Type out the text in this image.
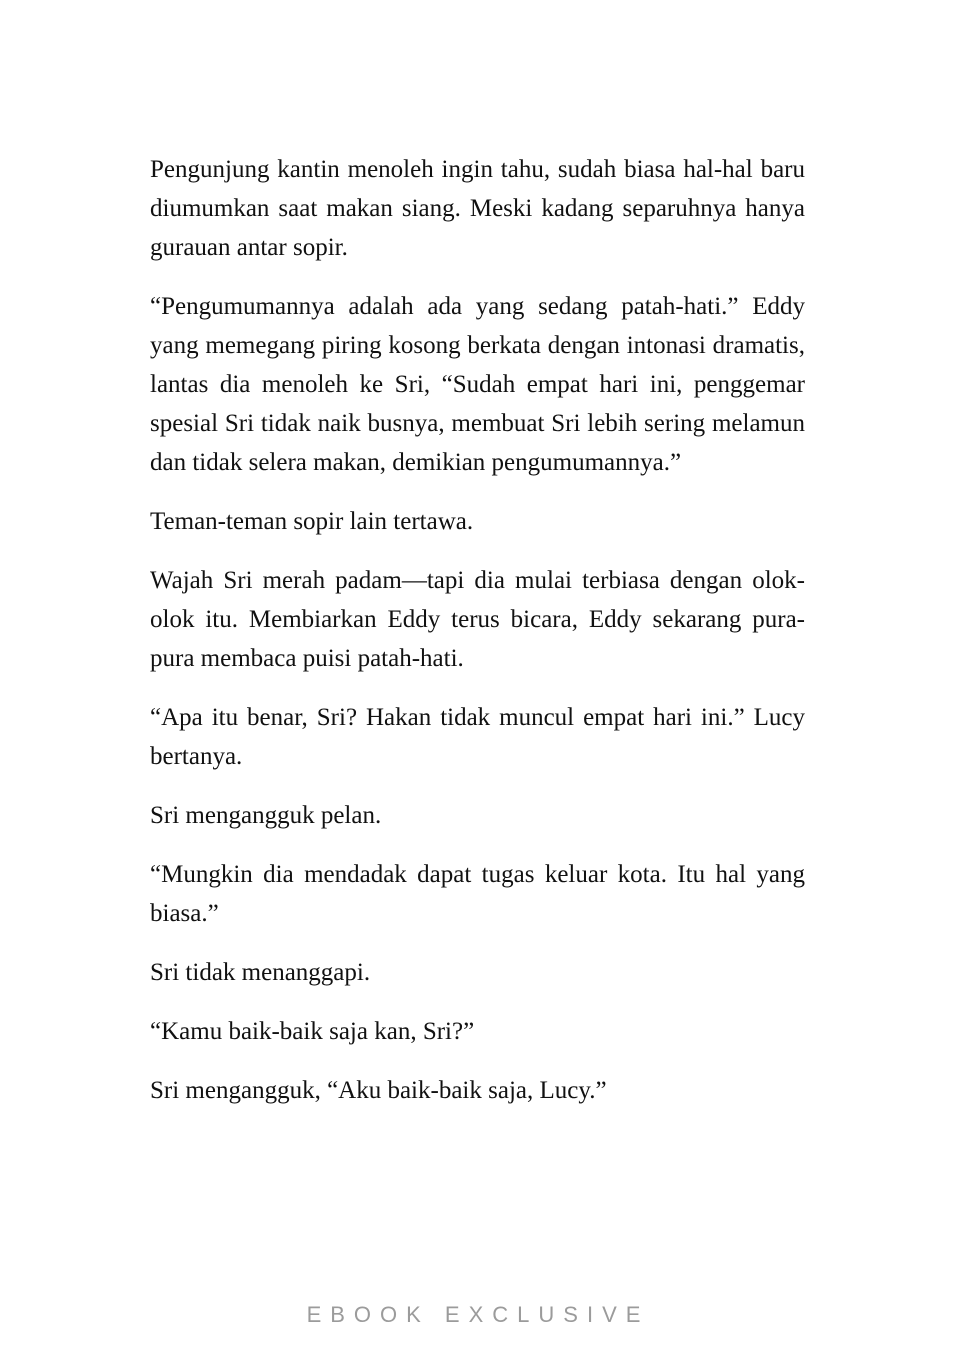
Pengunjung kantin menoleh ingin tahu, sudah biasa hal-hal baru diumumkan saat makan siang. Meski kadang separuhnya hanya gurauan antar sopir.

“Pengumumannya adalah ada yang sedang patah-hati.” Eddy yang memegang piring kosong berkata dengan intonasi dramatis, lantas dia menoleh ke Sri, “Sudah empat hari ini, penggemar spesial Sri tidak naik busnya, membuat Sri lebih sering melamun dan tidak selera makan, demikian pengumumannya.”

Teman-teman sopir lain tertawa.

Wajah Sri merah padam—tapi dia mulai terbiasa dengan olok-olok itu. Membiarkan Eddy terus bicara, Eddy sekarang pura-pura membaca puisi patah-hati.

“Apa itu benar, Sri? Hakan tidak muncul empat hari ini.” Lucy bertanya.

Sri mengangguk pelan.

“Mungkin dia mendadak dapat tugas keluar kota. Itu hal yang biasa.”

Sri tidak menanggapi.

“Kamu baik-baik saja kan, Sri?”

Sri mengangguk, “Aku baik-baik saja, Lucy.”

EBOOK EXCLUSIVE
